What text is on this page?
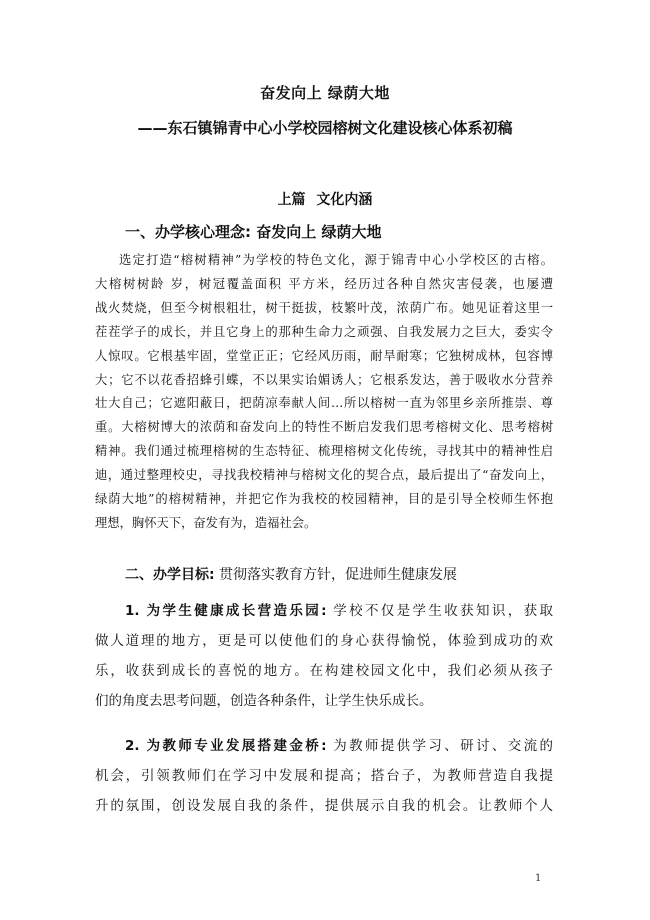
奋发向上 绿荫大地
——东石镇锦青中心小学校园榕树文化建设核心体系初稿
上篇 文化内涵
一、办学核心理念: 奋发向上 绿荫大地
选定打造“榕树精神”为学校的特色文化，源于锦青中心小学校区的古榕。
大榕树树龄 岁，树冠覆盖面积 平方米，经历过各种自然灾害侵袭，也屡遭
战火焚烧，但至今树根粗壮，树干挺拔，枝繁叶茂，浓荫广布。她见证着这里一
茬茬学子的成长，并且它身上的那种生命力之顽强、自我发展力之巨大，委实令
人惊叹。它根基牢固，堂堂正正；它经风历雨，耐旱耐寒；它独树成林，包容博
大；它不以花香招蜂引蝶，不以果实诒媚诱人；它根系发达，善于吸收水分营养
壮大自己；它遮阳蔽日，把荫凉奉献人间…所以榕树一直为邻里乡亲所推崇、尊
重。大榕树博大的浓荫和奋发向上的特性不断启发我们思考榕树文化、思考榕树
精神。我们通过梳理榕树的生态特征、梳理榕树文化传统，寻找其中的精神性启
迪，通过整理校史，寻找我校精神与榕树文化的契合点，最后提出了“奋发向上，
绿荫大地”的榕树精神，并把它作为我校的校园精神，目的是引导全校师生怀抱
理想，胸怀天下，奋发有为，造福社会。
二、办学目标: 贯彻落实教育方针，促进师生健康发展
1. 为学生健康成长营造乐园: 学校不仅是学生收获知识，获取
做人道理的地方，更是可以使他们的身心获得愉悦，体验到成功的欢
乐，收获到成长的喜悦的地方。在构建校园文化中，我们必须从孩子
们的角度去思考问题，创造各种条件，让学生快乐成长。
2. 为教师专业发展搭建金桥: 为教师提供学习、研讨、交流的
机会，引领教师们在学习中发展和提高；搭台子，为教师营造自我提
升的氛围，创设发展自我的条件，提供展示自我的机会。让教师个人
1
